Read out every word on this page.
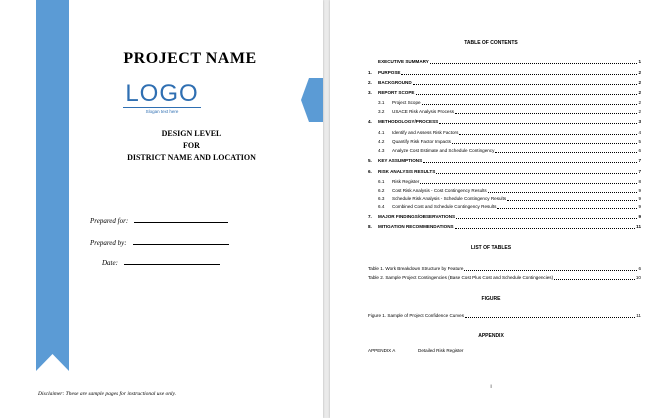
PROJECT NAME
LOGO
Slogan text here
DESIGN LEVEL
FOR
DISTRICT NAME AND LOCATION
Prepared for:
Prepared by:
Date:
Disclaimer: These are sample pages for instructional use only.
TABLE OF CONTENTS
EXECUTIVE SUMMARY	1
1.	PURPOSE	2
2.	BACKGROUND	2
3.	REPORT SCOPE	2
3.1	Project Scope	2
3.2	USACE Risk Analysis Process	2
4.	METHODOLOGY/PROCESS	3
4.1	Identify and Assess Risk Factors	4
4.2	Quantify Risk Factor Impacts	5
4.3	Analyze Cost Estimate and Schedule Contingency	6
5.	KEY ASSUMPTIONS	7
6.	RISK ANALYSIS RESULTS	7
6.1	Risk Register	8
6.2	Cost Risk Analysis - Cost Contingency Results	9
6.3	Schedule Risk Analysis - Schedule Contingency Results	9
6.4	Combined Cost and Schedule Contingency Results	9
7.	MAJOR FINDINGS/OBSERVATIONS	9
8.	MITIGATION RECOMMENDATIONS	11
LIST OF TABLES
Table 1. Work Breakdown Structure by Feature	6
Table 2. Sample Project Contingencies (Base Cost Plus Cost and Schedule Contingencies)	10
FIGURE
Figure 1. Sample of Project Confidence Curves	11
APPENDIX
APPENDIX A	Detailed Risk Register
i
